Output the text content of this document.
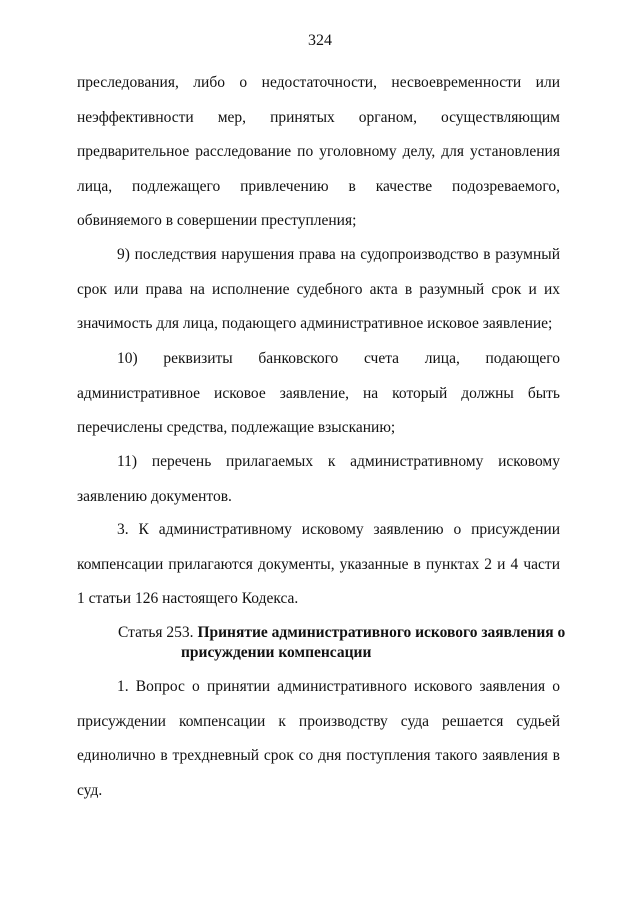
324

преследования, либо о недостаточности, несвоевременности или неэффективности мер, принятых органом, осуществляющим предварительное расследование по уголовному делу, для установления лица, подлежащего привлечению в качестве подозреваемого, обвиняемого в совершении преступления;

9) последствия нарушения права на судопроизводство в разумный срок или права на исполнение судебного акта в разумный срок и их значимость для лица, подающего административное исковое заявление;

10) реквизиты банковского счета лица, подающего административное исковое заявление, на который должны быть перечислены средства, подлежащие взысканию;

11) перечень прилагаемых к административному исковому заявлению документов.

3. К административному исковому заявлению о присуждении компенсации прилагаются документы, указанные в пунктах 2 и 4 части 1 статьи 126 настоящего Кодекса.

Статья 253. Принятие административного искового заявления о
присуждении компенсации

1. Вопрос о принятии административного искового заявления о присуждении компенсации к производству суда решается судьей единолично в трехдневный срок со дня поступления такого заявления в суд.
